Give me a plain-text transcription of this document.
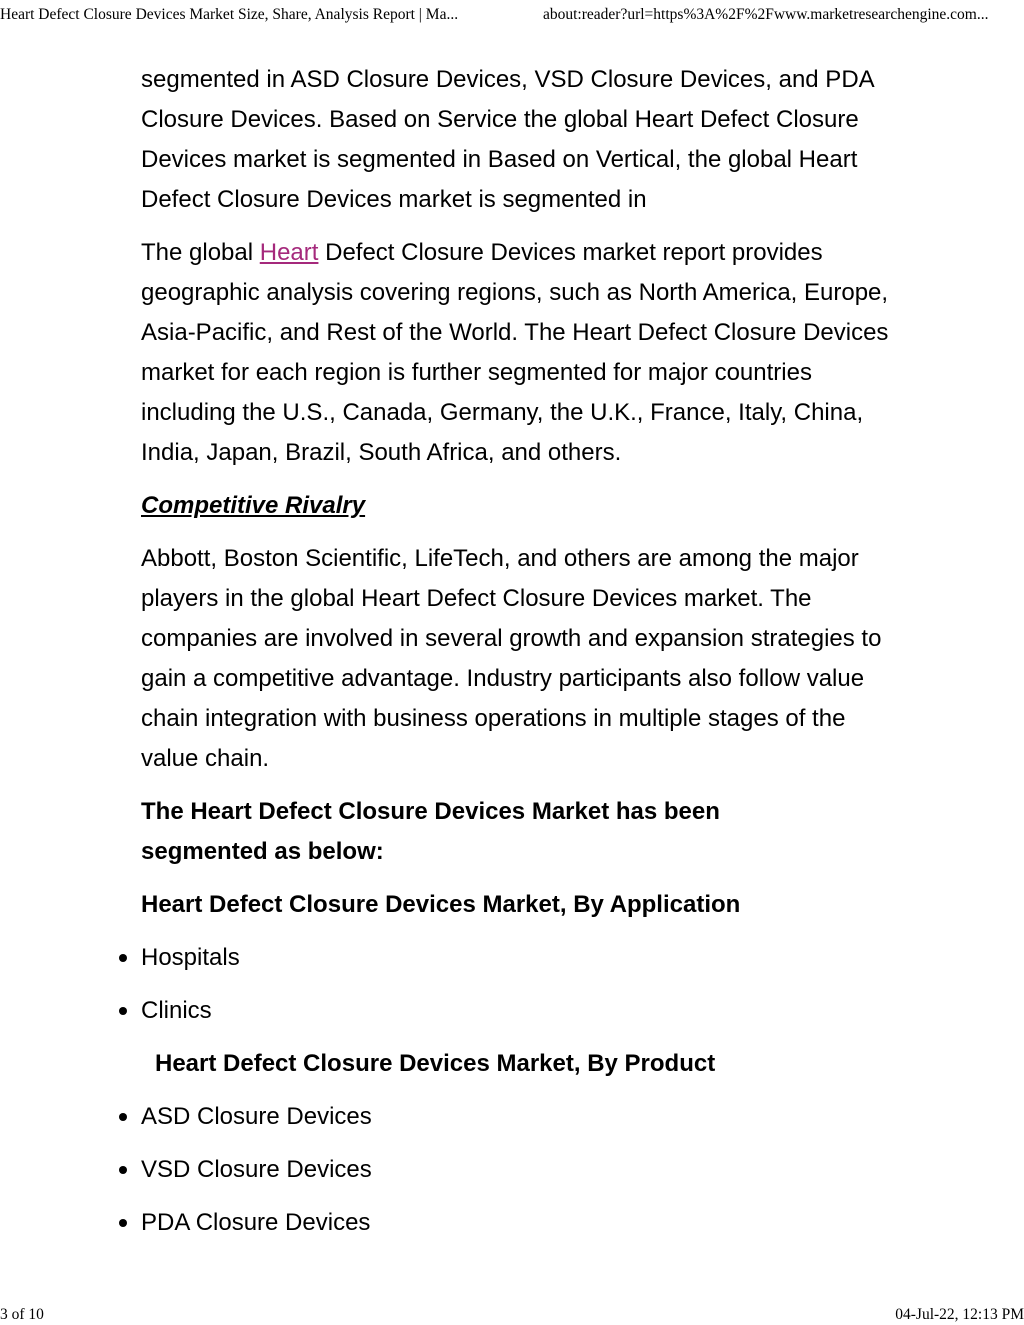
Heart Defect Closure Devices Market Size, Share, Analysis Report | Ma...	about:reader?url=https%3A%2F%2Fwww.marketresearchengine.com...

segmented in ASD Closure Devices, VSD Closure Devices, and PDA Closure Devices. Based on Service the global Heart Defect Closure Devices market is segmented in Based on Vertical, the global Heart Defect Closure Devices market is segmented in

The global Heart Defect Closure Devices market report provides geographic analysis covering regions, such as North America, Europe, Asia-Pacific, and Rest of the World. The Heart Defect Closure Devices market for each region is further segmented for major countries including the U.S., Canada, Germany, the U.K., France, Italy, China, India, Japan, Brazil, South Africa, and others.

Competitive Rivalry

Abbott, Boston Scientific, LifeTech, and others are among the major players in the global Heart Defect Closure Devices market. The companies are involved in several growth and expansion strategies to gain a competitive advantage. Industry participants also follow value chain integration with business operations in multiple stages of the value chain.

The Heart Defect Closure Devices Market has been segmented as below:
Heart Defect Closure Devices Market, By Application
Hospitals
Clinics
Heart Defect Closure Devices Market, By Product
ASD Closure Devices
VSD Closure Devices
PDA Closure Devices
3 of 10	04-Jul-22, 12:13 PM
